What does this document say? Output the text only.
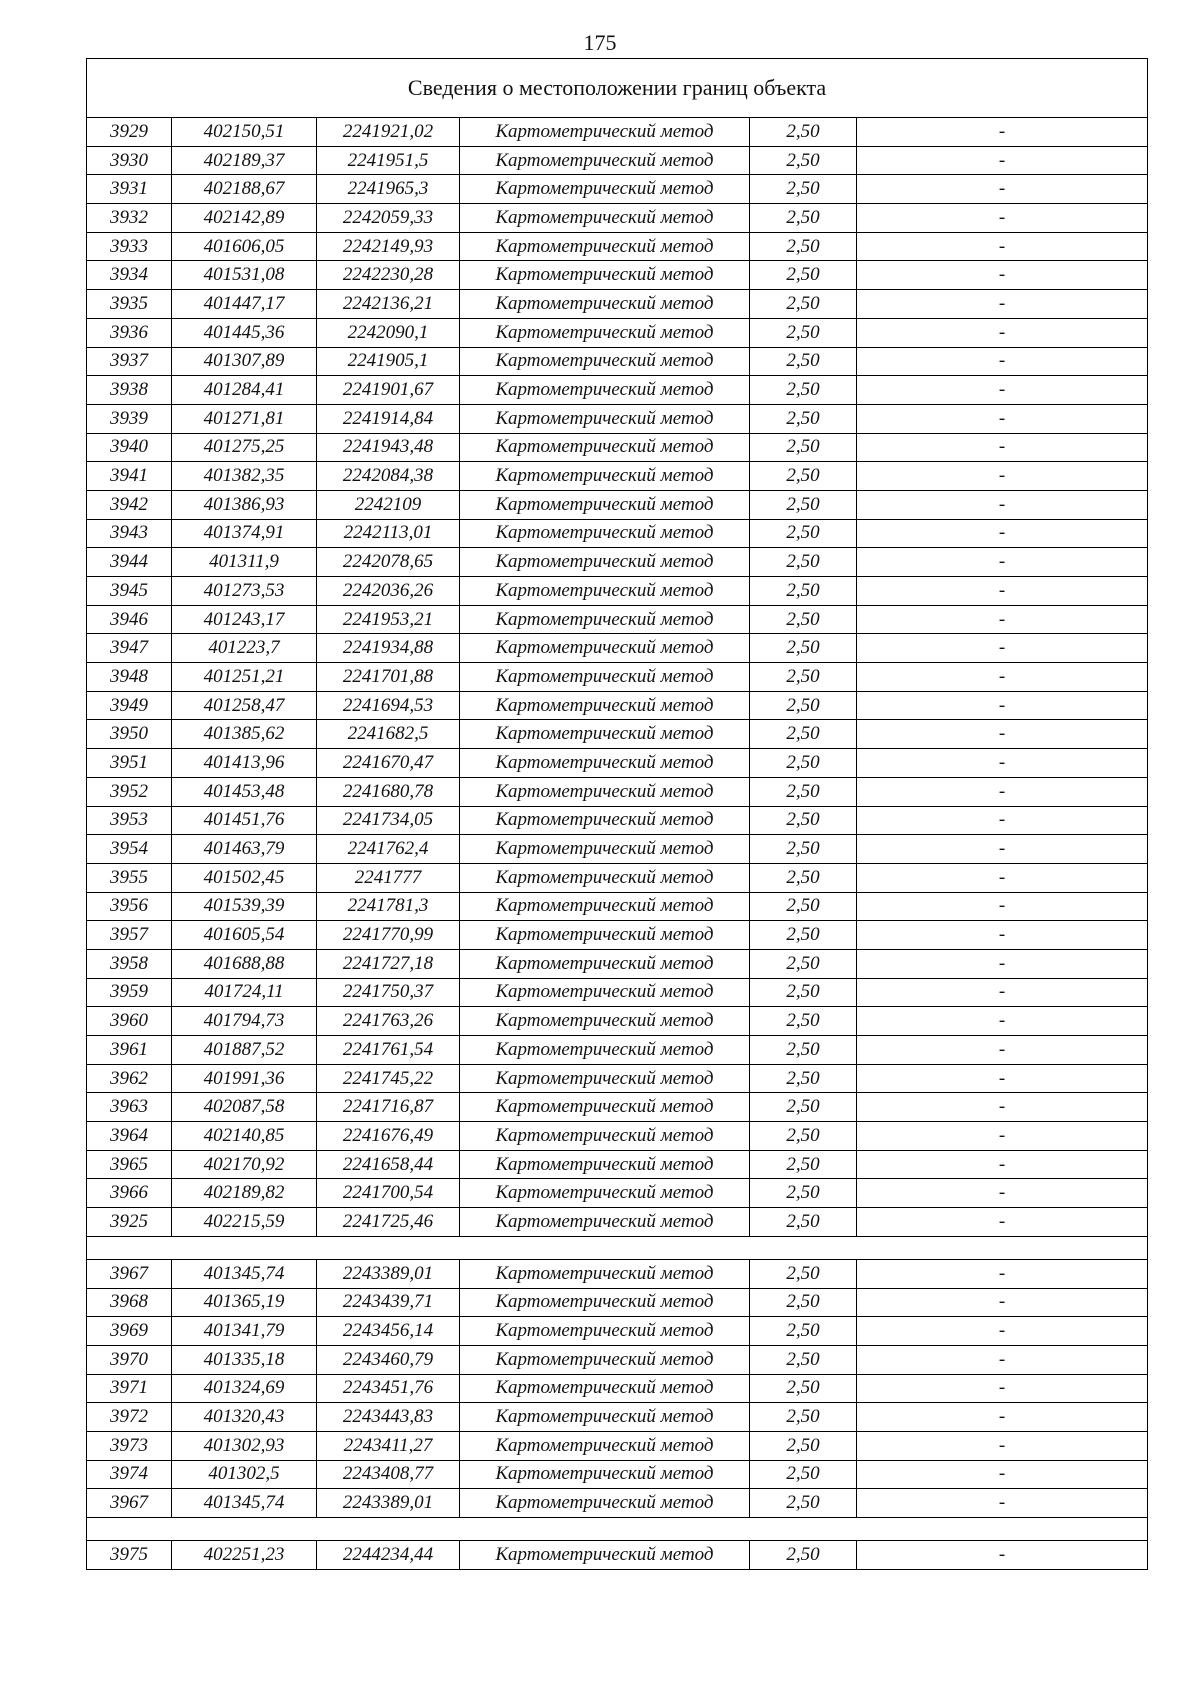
175
Сведения о местоположении границ объекта					
3929	402150,51	2241921,02	Картометрический метод	2,50	-
3930	402189,37	2241951,5	Картометрический метод	2,50	-
3931	402188,67	2241965,3	Картометрический метод	2,50	-
3932	402142,89	2242059,33	Картометрический метод	2,50	-
3933	401606,05	2242149,93	Картометрический метод	2,50	-
3934	401531,08	2242230,28	Картометрический метод	2,50	-
3935	401447,17	2242136,21	Картометрический метод	2,50	-
3936	401445,36	2242090,1	Картометрический метод	2,50	-
3937	401307,89	2241905,1	Картометрический метод	2,50	-
3938	401284,41	2241901,67	Картометрический метод	2,50	-
3939	401271,81	2241914,84	Картометрический метод	2,50	-
3940	401275,25	2241943,48	Картометрический метод	2,50	-
3941	401382,35	2242084,38	Картометрический метод	2,50	-
3942	401386,93	2242109	Картометрический метод	2,50	-
3943	401374,91	2242113,01	Картометрический метод	2,50	-
3944	401311,9	2242078,65	Картометрический метод	2,50	-
3945	401273,53	2242036,26	Картометрический метод	2,50	-
3946	401243,17	2241953,21	Картометрический метод	2,50	-
3947	401223,7	2241934,88	Картометрический метод	2,50	-
3948	401251,21	2241701,88	Картометрический метод	2,50	-
3949	401258,47	2241694,53	Картометрический метод	2,50	-
3950	401385,62	2241682,5	Картометрический метод	2,50	-
3951	401413,96	2241670,47	Картометрический метод	2,50	-
3952	401453,48	2241680,78	Картометрический метод	2,50	-
3953	401451,76	2241734,05	Картометрический метод	2,50	-
3954	401463,79	2241762,4	Картометрический метод	2,50	-
3955	401502,45	2241777	Картометрический метод	2,50	-
3956	401539,39	2241781,3	Картометрический метод	2,50	-
3957	401605,54	2241770,99	Картометрический метод	2,50	-
3958	401688,88	2241727,18	Картометрический метод	2,50	-
3959	401724,11	2241750,37	Картометрический метод	2,50	-
3960	401794,73	2241763,26	Картометрический метод	2,50	-
3961	401887,52	2241761,54	Картометрический метод	2,50	-
3962	401991,36	2241745,22	Картометрический метод	2,50	-
3963	402087,58	2241716,87	Картометрический метод	2,50	-
3964	402140,85	2241676,49	Картометрический метод	2,50	-
3965	402170,92	2241658,44	Картометрический метод	2,50	-
3966	402189,82	2241700,54	Картометрический метод	2,50	-
3925	402215,59	2241725,46	Картометрический метод	2,50	-

3967	401345,74	2243389,01	Картометрический метод	2,50	-
3968	401365,19	2243439,71	Картометрический метод	2,50	-
3969	401341,79	2243456,14	Картометрический метод	2,50	-
3970	401335,18	2243460,79	Картометрический метод	2,50	-
3971	401324,69	2243451,76	Картометрический метод	2,50	-
3972	401320,43	2243443,83	Картометрический метод	2,50	-
3973	401302,93	2243411,27	Картометрический метод	2,50	-
3974	401302,5	2243408,77	Картометрический метод	2,50	-
3967	401345,74	2243389,01	Картометрический метод	2,50	-

3975	402251,23	2244234,44	Картометрический метод	2,50	-
